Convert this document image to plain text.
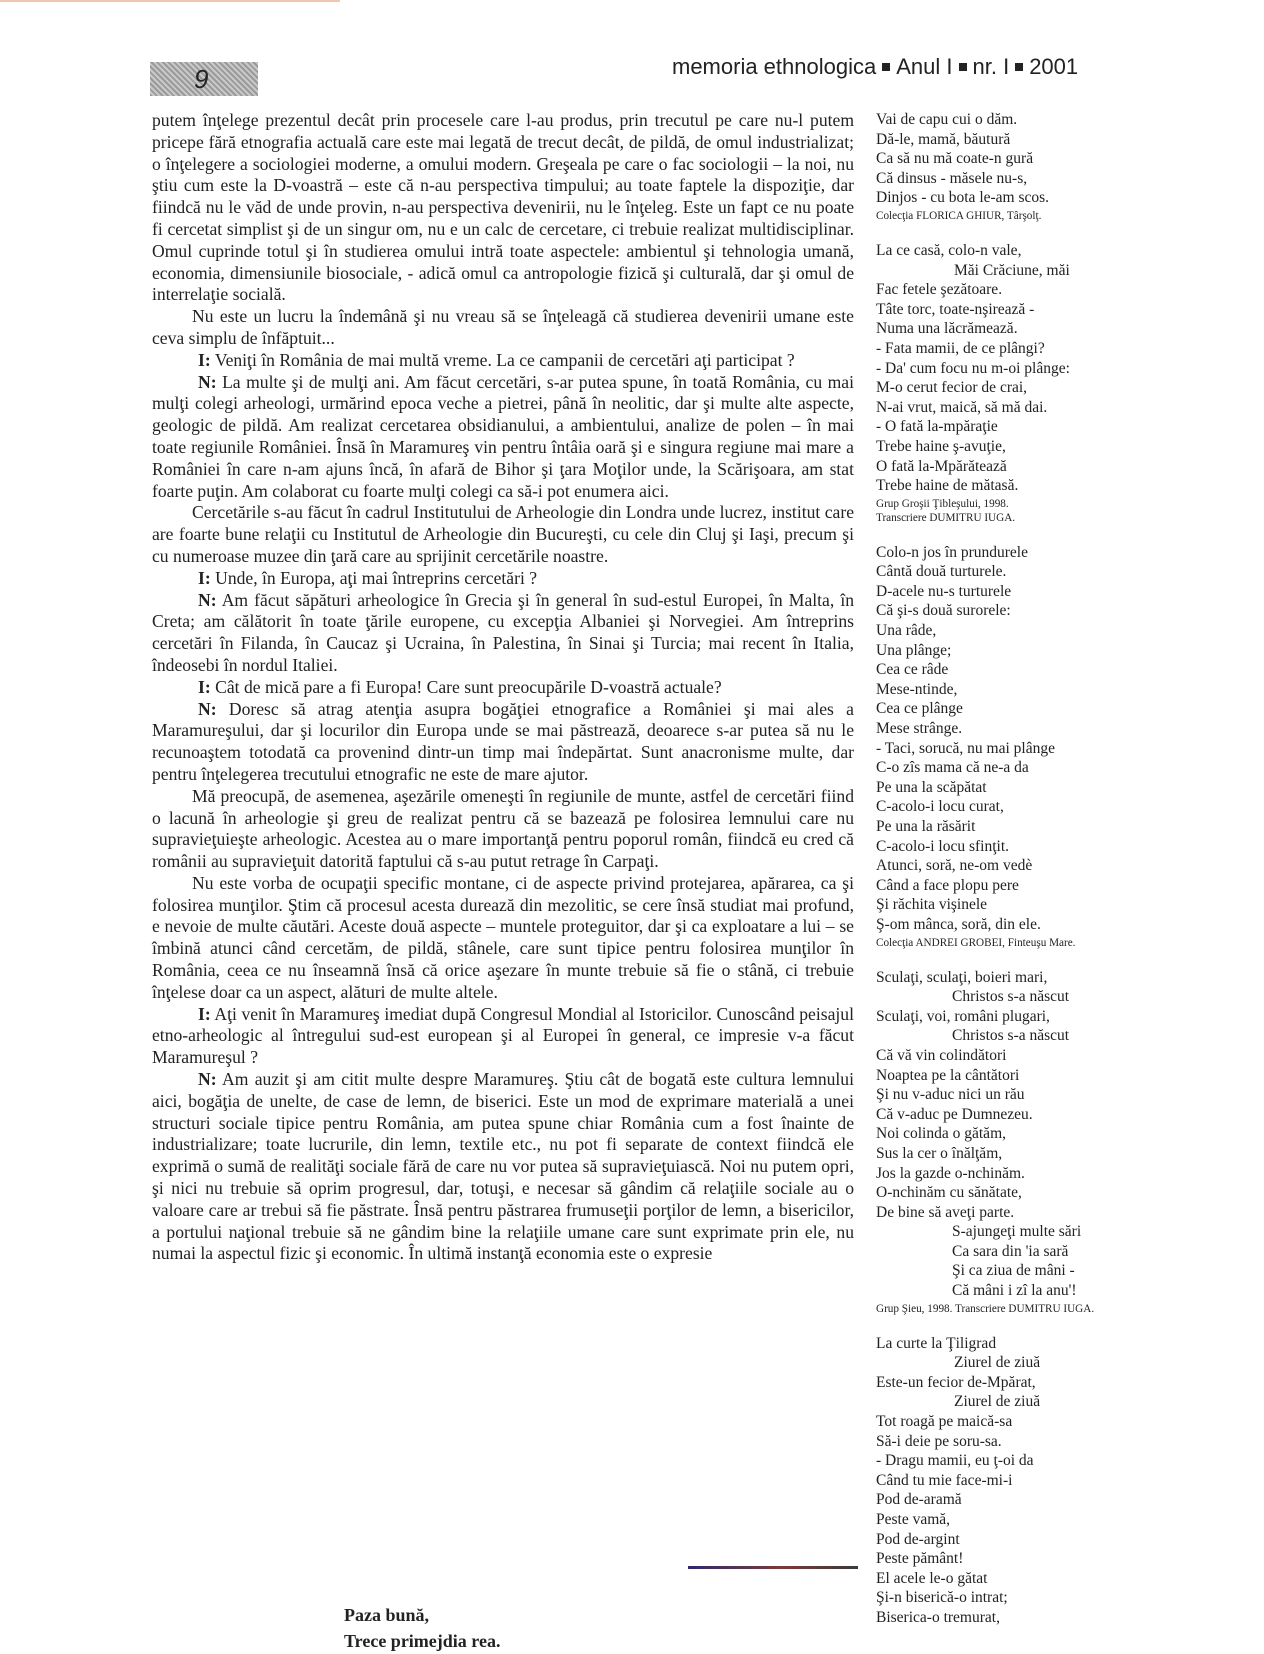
9	memoria ethnologica Anul I nr. I 2001

putem înţelege prezentul decât prin procesele care l-au produs, prin trecutul pe care nu-l putem pricepe fără etnografia actuală care este mai legată de trecut decât, de pildă, de omul industrializat; o înţelegere a sociologiei moderne, a omului modern. Greşeala pe care o fac sociologii – la noi, nu ştiu cum este la D-voastră – este că n-au perspectiva timpului; au toate faptele la dispoziţie, dar fiindcă nu le văd de unde provin, n-au perspectiva devenirii, nu le înţeleg. Este un fapt ce nu poate fi cercetat simplist şi de un singur om, nu e un calc de cercetare, ci trebuie realizat multidisciplinar. Omul cuprinde totul şi în studierea omului intră toate aspectele: ambientul şi tehnologia umană, economia, dimensiunile biosociale, - adică omul ca antropologie fizică şi culturală, dar şi omul de interrelaţie socială.

Nu este un lucru la îndemână şi nu vreau să se înţeleagă că studierea devenirii umane este ceva simplu de înfăptuit...

I: Veniţi în România de mai multă vreme. La ce campanii de cercetări aţi participat ?

N: La multe şi de mulţi ani. Am făcut cercetări, s-ar putea spune, în toată România, cu mai mulţi colegi arheologi, urmărind epoca veche a pietrei, până în neolitic, dar şi multe alte aspecte, geologic de pildă. Am realizat cercetarea obsidianului, a ambientului, analize de polen – în mai toate regiunile României. Însă în Maramureş vin pentru întâia oară şi e singura regiune mai mare a României în care n-am ajuns încă, în afară de Bihor şi ţara Moţilor unde, la Scărişoara, am stat foarte puţin. Am colaborat cu foarte mulţi colegi ca să-i pot enumera aici.

Cercetările s-au făcut în cadrul Institutului de Arheologie din Londra unde lucrez, institut care are foarte bune relaţii cu Institutul de Arheologie din Bucureşti, cu cele din Cluj şi Iaşi, precum şi cu numeroase muzee din ţară care au sprijinit cercetările noastre.

I: Unde, în Europa, aţi mai întreprins cercetări ?

N: Am făcut săpături arheologice în Grecia şi în general în sud-estul Europei, în Malta, în Creta; am călătorit în toate ţările europene, cu excepţia Albaniei şi Norvegiei. Am întreprins cercetări în Filanda, în Caucaz şi Ucraina, în Palestina, în Sinai şi Turcia; mai recent în Italia, îndeosebi în nordul Italiei.

I: Cât de mică pare a fi Europa! Care sunt preocupările D-voastră actuale?

N: Doresc să atrag atenţia asupra bogăţiei etnografice a României şi mai ales a Maramureşului, dar şi locurilor din Europa unde se mai păstrează, deoarece s-ar putea să nu le recunoaştem totodată ca provenind dintr-un timp mai îndepărtat. Sunt anacronisme multe, dar pentru înţelegerea trecutului etnografic ne este de mare ajutor.

Mă preocupă, de asemenea, aşezările omeneşti în regiunile de munte, astfel de cercetări fiind o lacună în arheologie şi greu de realizat pentru că se bazează pe folosirea lemnului care nu supravieţuieşte arheologic. Acestea au o mare importanţă pentru poporul român, fiindcă eu cred că românii au supravieţuit datorită faptului că s-au putut retrage în Carpaţi.

Nu este vorba de ocupaţii specific montane, ci de aspecte privind protejarea, apărarea, ca şi folosirea munţilor. Ştim că procesul acesta durează din mezolitic, se cere însă studiat mai profund, e nevoie de multe căutări. Aceste două aspecte – muntele proteguitor, dar şi ca exploatare a lui – se îmbină atunci când cercetăm, de pildă, stânele, care sunt tipice pentru folosirea munţilor în România, ceea ce nu înseamnă însă că orice aşezare în munte trebuie să fie o stână, ci trebuie înţelese doar ca un aspect, alături de multe altele.

I: Aţi venit în Maramureş imediat după Congresul Mondial al Istoricilor. Cunoscând peisajul etno-arheologic al întregului sud-est european şi al Europei în general, ce impresie v-a făcut Maramureşul ?

N: Am auzit şi am citit multe despre Maramureş. Ştiu cât de bogată este cultura lemnului aici, bogăţia de unelte, de case de lemn, de biserici. Este un mod de exprimare materială a unei structuri sociale tipice pentru România, am putea spune chiar România cum a fost înainte de industrializare; toate lucrurile, din lemn, textile etc., nu pot fi separate de context fiindcă ele exprimă o sumă de realităţi sociale fără de care nu vor putea să supravieţuiască. Noi nu putem opri, şi nici nu trebuie să oprim progresul, dar, totuşi, e necesar să gândim că relaţiile sociale au o valoare care ar trebui să fie păstrate. Însă pentru păstrarea frumuseţii porţilor de lemn, a bisericilor, a portului naţional trebuie să ne gândim bine la relaţiile umane care sunt exprimate prin ele, nu numai la aspectul fizic şi economic. În ultimă instanţă economia este o expresie

Vai de capu cui o dăm.
Dă-le, mamă, băutură
Ca să nu mă coate-n gură
Că dinsus - măsele nu-s,
Dinjos - cu bota le-am scos.
Colecţia FLORICA GHIUR, Târşolţ.
La ce casă, colo-n vale,
Măi Crăciune, măi
Fac fetele şezătoare.
Tâte torc, toate-nşirează -
Numa una lăcrămează.
- Fata mamii, de ce plângi?
- Da' cum focu nu m-oi plânge:
M-o cerut fecior de crai,
N-ai vrut, maică, să mă dai.
- O fată la-mpăraţie
Trebe haine ş-avuţie,
O fată la-Mpărătează
Trebe haine de mătasă.
Grup Groşii Ţibleşului, 1998.
Transcriere DUMITRU IUGA.
Colo-n jos în prundurele
Cântă două turturele.
D-acele nu-s turturele
Că şi-s două surorele:
Una râde,
Una plânge;
Cea ce râde
Mese-ntinde,
Cea ce plânge
Mese strânge.
- Taci, sorucă, nu mai plânge
C-o zîs mama că ne-a da
Pe una la scăpătat
C-acolo-i locu curat,
Pe una la răsărit
C-acolo-i locu sfinţit.
Atunci, soră, ne-om vedè
Când a face plopu pere
Şi răchita vişinele
Ş-om mânca, soră, din ele.
Colecţia ANDREI GROBEI, Finteuşu Mare.
Sculaţi, sculaţi, boieri mari,
Christos s-a născut
Sculaţi, voi, români plugari,
Christos s-a născut
Că vă vin colindători
Noaptea pe la cântători
Şi nu v-aduc nici un rău
Că v-aduc pe Dumnezeu.
Noi colinda o gătăm,
Sus la cer o înălţăm,
Jos la gazde o-nchinăm.
O-nchinăm cu sănătate,
De bine să aveţi parte.
S-ajungeţi multe sări
Ca sara din 'ia sară
Şi ca ziua de mâni -
Că mâni i zî la anu'!
Grup Şieu, 1998. Transcriere DUMITRU IUGA.
La curte la Ţiligrad
Ziurel de ziuă
Este-un fecior de-Mpărat,
Ziurel de ziuă
Tot roagă pe maică-sa
Să-i deie pe soru-sa.
- Dragu mamii, eu ţ-oi da
Când tu mie face-mi-i
Pod de-aramă
Peste vamă,
Pod de-argint
Peste pământ!
El acele le-o gătat
Şi-n biserică-o intrat;
Biserica-o tremurat,
Paza bună,
Trece primejdia rea.
